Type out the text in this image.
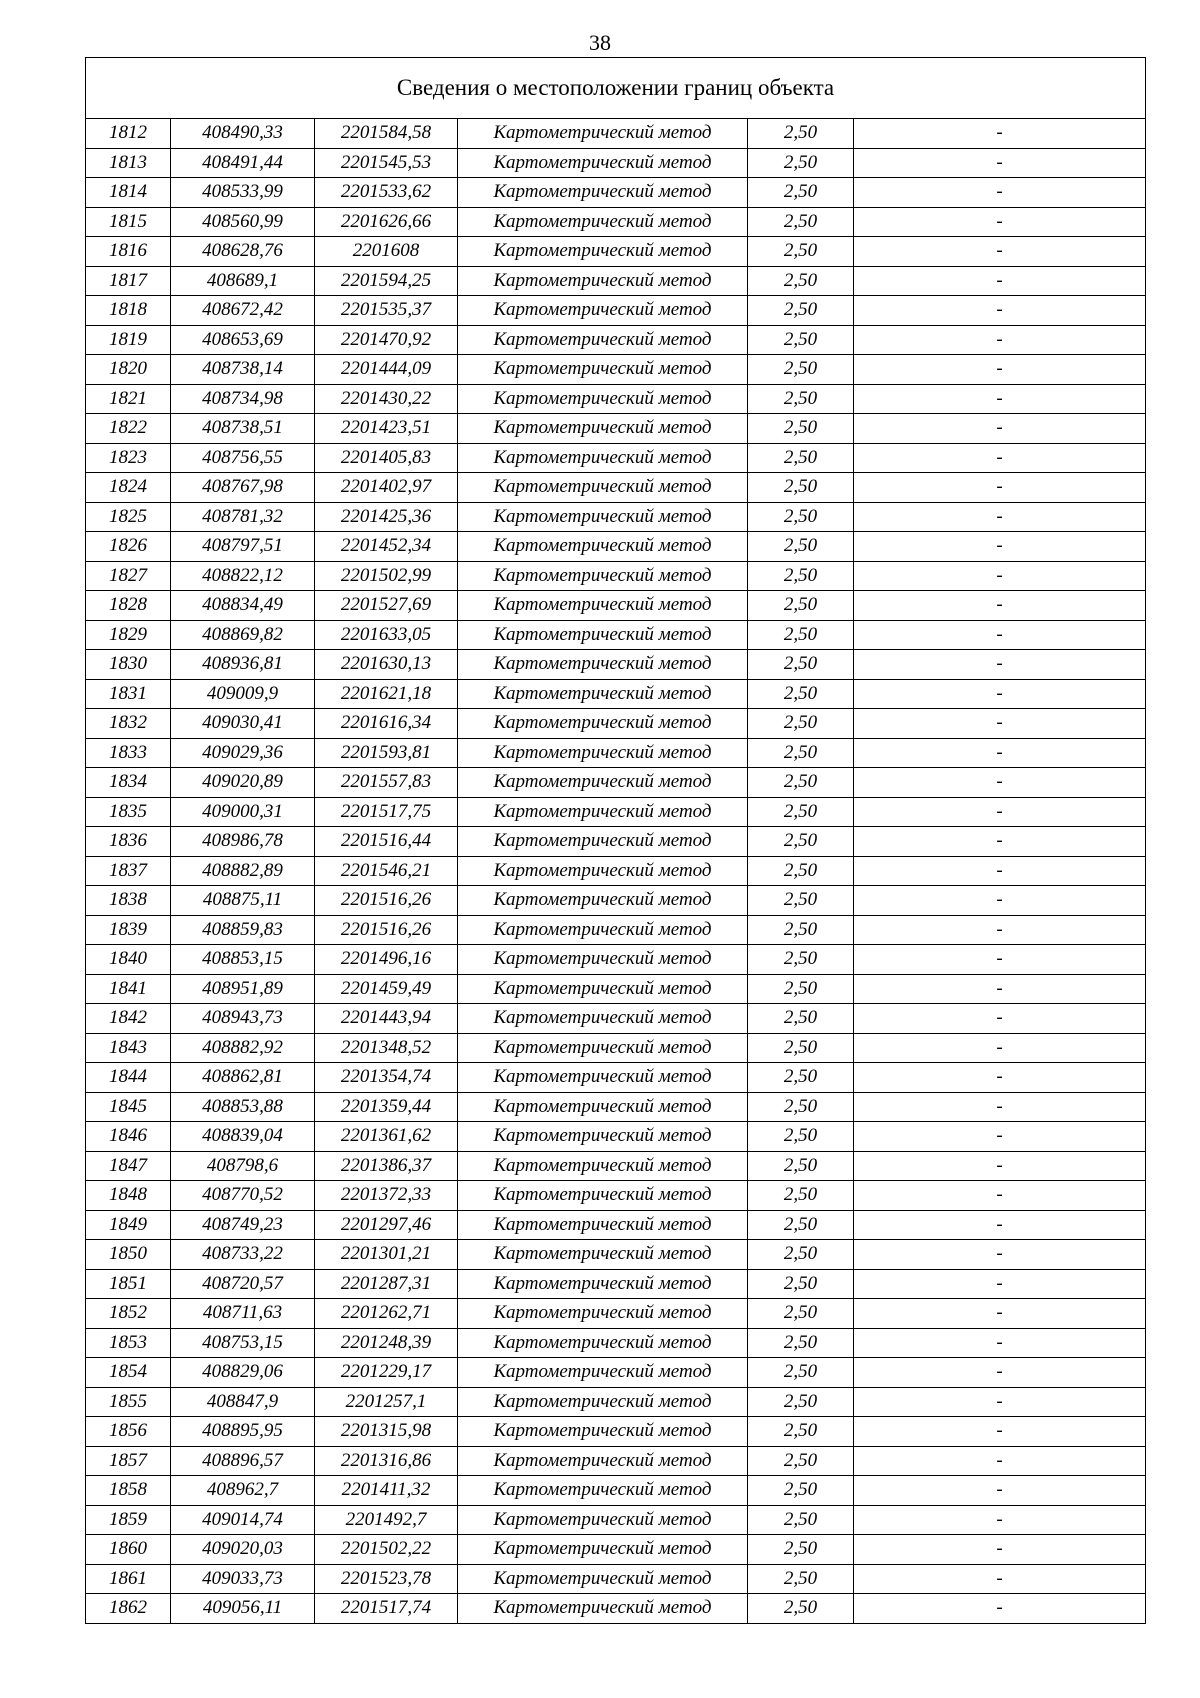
38
Сведения о местоположении границ объекта					
1812	408490,33	2201584,58	Картометрический метод	2,50	-
1813	408491,44	2201545,53	Картометрический метод	2,50	-
1814	408533,99	2201533,62	Картометрический метод	2,50	-
1815	408560,99	2201626,66	Картометрический метод	2,50	-
1816	408628,76	2201608	Картометрический метод	2,50	-
1817	408689,1	2201594,25	Картометрический метод	2,50	-
1818	408672,42	2201535,37	Картометрический метод	2,50	-
1819	408653,69	2201470,92	Картометрический метод	2,50	-
1820	408738,14	2201444,09	Картометрический метод	2,50	-
1821	408734,98	2201430,22	Картометрический метод	2,50	-
1822	408738,51	2201423,51	Картометрический метод	2,50	-
1823	408756,55	2201405,83	Картометрический метод	2,50	-
1824	408767,98	2201402,97	Картометрический метод	2,50	-
1825	408781,32	2201425,36	Картометрический метод	2,50	-
1826	408797,51	2201452,34	Картометрический метод	2,50	-
1827	408822,12	2201502,99	Картометрический метод	2,50	-
1828	408834,49	2201527,69	Картометрический метод	2,50	-
1829	408869,82	2201633,05	Картометрический метод	2,50	-
1830	408936,81	2201630,13	Картометрический метод	2,50	-
1831	409009,9	2201621,18	Картометрический метод	2,50	-
1832	409030,41	2201616,34	Картометрический метод	2,50	-
1833	409029,36	2201593,81	Картометрический метод	2,50	-
1834	409020,89	2201557,83	Картометрический метод	2,50	-
1835	409000,31	2201517,75	Картометрический метод	2,50	-
1836	408986,78	2201516,44	Картометрический метод	2,50	-
1837	408882,89	2201546,21	Картометрический метод	2,50	-
1838	408875,11	2201516,26	Картометрический метод	2,50	-
1839	408859,83	2201516,26	Картометрический метод	2,50	-
1840	408853,15	2201496,16	Картометрический метод	2,50	-
1841	408951,89	2201459,49	Картометрический метод	2,50	-
1842	408943,73	2201443,94	Картометрический метод	2,50	-
1843	408882,92	2201348,52	Картометрический метод	2,50	-
1844	408862,81	2201354,74	Картометрический метод	2,50	-
1845	408853,88	2201359,44	Картометрический метод	2,50	-
1846	408839,04	2201361,62	Картометрический метод	2,50	-
1847	408798,6	2201386,37	Картометрический метод	2,50	-
1848	408770,52	2201372,33	Картометрический метод	2,50	-
1849	408749,23	2201297,46	Картометрический метод	2,50	-
1850	408733,22	2201301,21	Картометрический метод	2,50	-
1851	408720,57	2201287,31	Картометрический метод	2,50	-
1852	408711,63	2201262,71	Картометрический метод	2,50	-
1853	408753,15	2201248,39	Картометрический метод	2,50	-
1854	408829,06	2201229,17	Картометрический метод	2,50	-
1855	408847,9	2201257,1	Картометрический метод	2,50	-
1856	408895,95	2201315,98	Картометрический метод	2,50	-
1857	408896,57	2201316,86	Картометрический метод	2,50	-
1858	408962,7	2201411,32	Картометрический метод	2,50	-
1859	409014,74	2201492,7	Картометрический метод	2,50	-
1860	409020,03	2201502,22	Картометрический метод	2,50	-
1861	409033,73	2201523,78	Картометрический метод	2,50	-
1862	409056,11	2201517,74	Картометрический метод	2,50	-
